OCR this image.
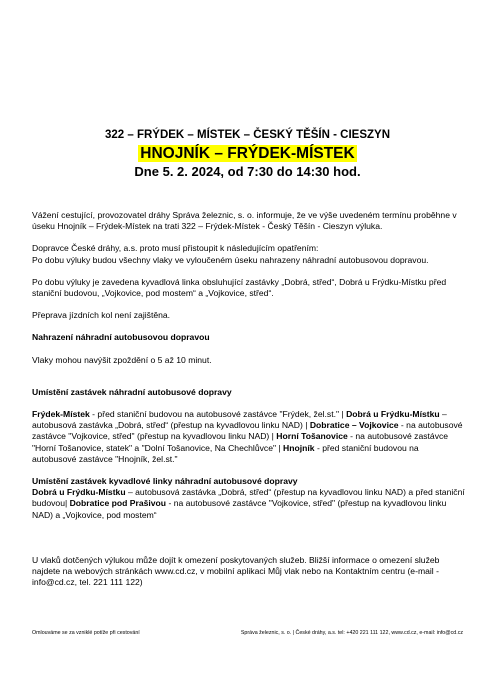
322 – FRÝDEK – MÍSTEK – ČESKÝ TĚŠÍN - CIESZYN
HNOJNÍK – FRÝDEK-MÍSTEK
Dne 5. 2. 2024, od 7:30 do 14:30 hod.

Vážení cestující, provozovatel dráhy Správa železnic, s. o. informuje, že ve výše uvedeném termínu proběhne v úseku Hnojník – Frýdek-Místek na trati 322 – Frýdek-Místek - Český Těšín - Cieszyn výluka.

Dopravce České dráhy, a.s. proto musí přistoupit k následujícím opatřením:
Po dobu výluky budou všechny vlaky ve vyloučeném úseku nahrazeny náhradní autobusovou dopravou.

Po dobu výluky je zavedena kyvadlová linka obsluhující zastávky „Dobrá, střed“, Dobrá u Frýdku-Místku před staniční budovou, „Vojkovice, pod mostem“ a „Vojkovice, střed“.

Přeprava jízdních kol není zajištěna.

Nahrazení náhradní autobusovou dopravou

Vlaky mohou navýšit zpoždění o 5 až 10 minut.

Umístění zastávek náhradní autobusové dopravy

Frýdek-Místek - před staniční budovou na autobusové zastávce "Frýdek, žel.st." | Dobrá u Frýdku-Místku – autobusová zastávka „Dobrá, střed“ (přestup na kyvadlovou linku NAD) | Dobratice – Vojkovice - na autobusové zastávce "Vojkovice, střed" (přestup na kyvadlovou linku NAD) | Horní Tošanovice - na autobusové zastávce "Horní Tošanovice, statek" a "Dolní Tošanovice, Na Chechlůvce" | Hnojník - před staniční budovou na autobusové zastávce "Hnojník, žel.st."

Umístění zastávek kyvadlové linky náhradní autobusové dopravy

Dobrá u Frýdku-Místku – autobusová zastávka „Dobrá, střed“ (přestup na kyvadlovou linku NAD) a před staniční budovou| Dobratice pod Prašivou - na autobusové zastávce "Vojkovice, střed" (přestup na kyvadlovou linku NAD) a „Vojkovice, pod mostem“

U vlaků dotčených výlukou může dojít k omezení poskytovaných služeb. Bližší informace o omezení služeb najdete na webových stránkách www.cd.cz, v mobilní aplikaci Můj vlak nebo na Kontaktním centru (e-mail - info@cd.cz, tel. 221 111 122)

Omlouváme se za vzniklé potíže při cestování	Správa železnic, s. o. | České dráhy, a.s. tel: +420 221 111 122, www.cd.cz, e-mail: info@cd.cz
